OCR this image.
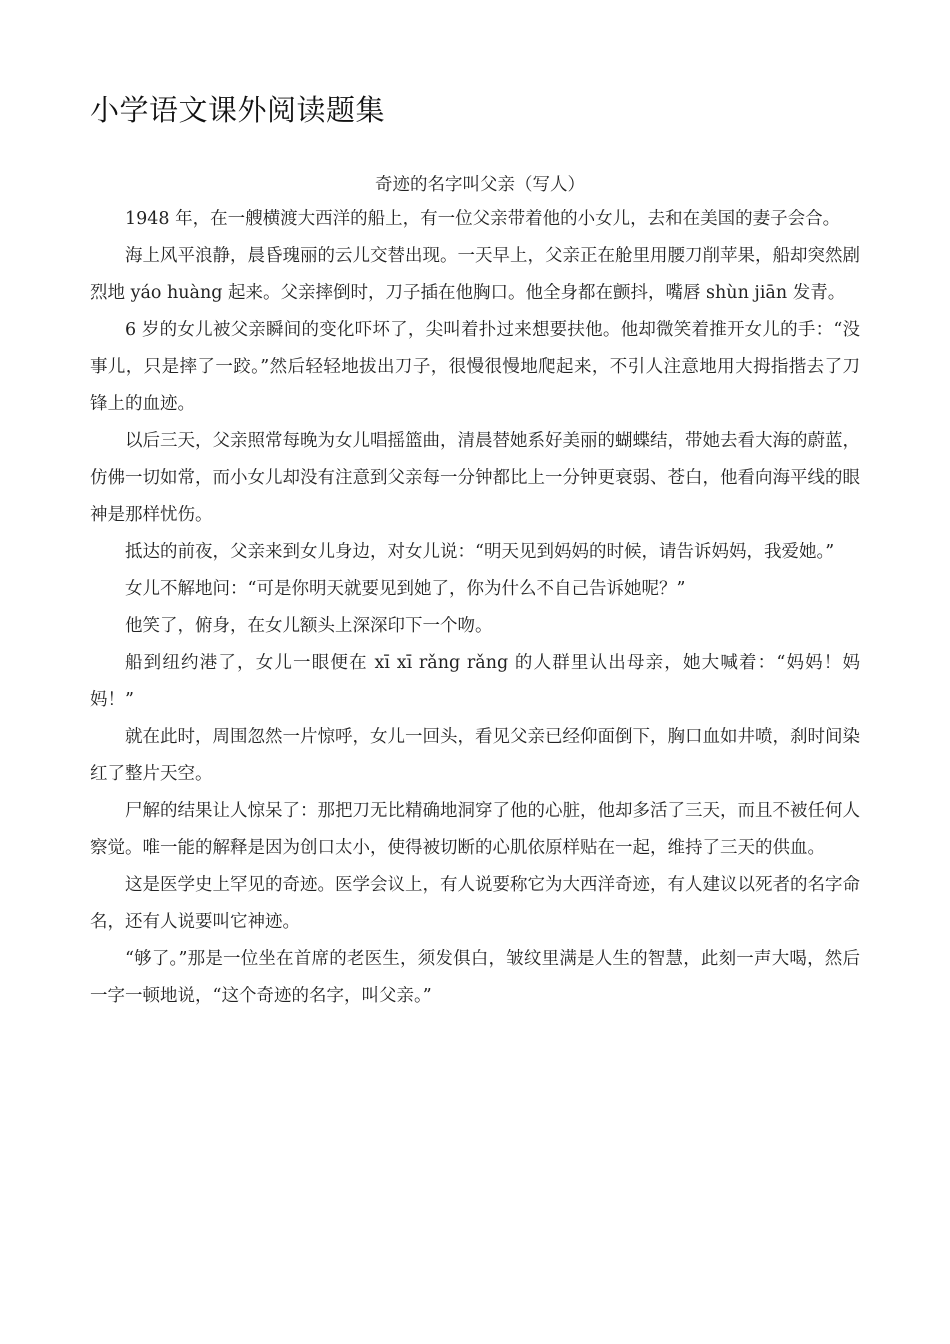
小学语文课外阅读题集
奇迹的名字叫父亲（写人）

1948 年，在一艘横渡大西洋的船上，有一位父亲带着他的小女儿，去和在美国的妻子会合。

海上风平浪静，晨昏瑰丽的云儿交替出现。一天早上，父亲正在舱里用腰刀削苹果，船却突然剧烈地 yáo huàng 起来。父亲摔倒时，刀子插在他胸口。他全身都在颤抖，嘴唇 shùn jiān 发青。

6 岁的女儿被父亲瞬间的变化吓坏了，尖叫着扑过来想要扶他。他却微笑着推开女儿的手：“没事儿，只是摔了一跤。”然后轻轻地拔出刀子，很慢很慢地爬起来，不引人注意地用大拇指揩去了刀锋上的血迹。

以后三天，父亲照常每晚为女儿唱摇篮曲，清晨替她系好美丽的蝴蝶结，带她去看大海的蔚蓝，仿佛一切如常，而小女儿却没有注意到父亲每一分钟都比上一分钟更衰弱、苍白，他看向海平线的眼神是那样忧伤。

抵达的前夜，父亲来到女儿身边，对女儿说：“明天见到妈妈的时候，请告诉妈妈，我爱她。”

女儿不解地问：“可是你明天就要见到她了，你为什么不自己告诉她呢？”

他笑了，俯身，在女儿额头上深深印下一个吻。

船到纽约港了，女儿一眼便在 xī xī rǎng rǎng 的人群里认出母亲，她大喊着：“妈妈！妈妈！”

就在此时，周围忽然一片惊呼，女儿一回头，看见父亲已经仰面倒下，胸口血如井喷，刹时间染红了整片天空。

尸解的结果让人惊呆了：那把刀无比精确地洞穿了他的心脏，他却多活了三天，而且不被任何人察觉。唯一能的解释是因为创口太小，使得被切断的心肌依原样贴在一起，维持了三天的供血。

这是医学史上罕见的奇迹。医学会议上，有人说要称它为大西洋奇迹，有人建议以死者的名字命名，还有人说要叫它神迹。

“够了。”那是一位坐在首席的老医生，须发俱白，皱纹里满是人生的智慧，此刻一声大喝，然后一字一顿地说，“这个奇迹的名字，叫父亲。”
